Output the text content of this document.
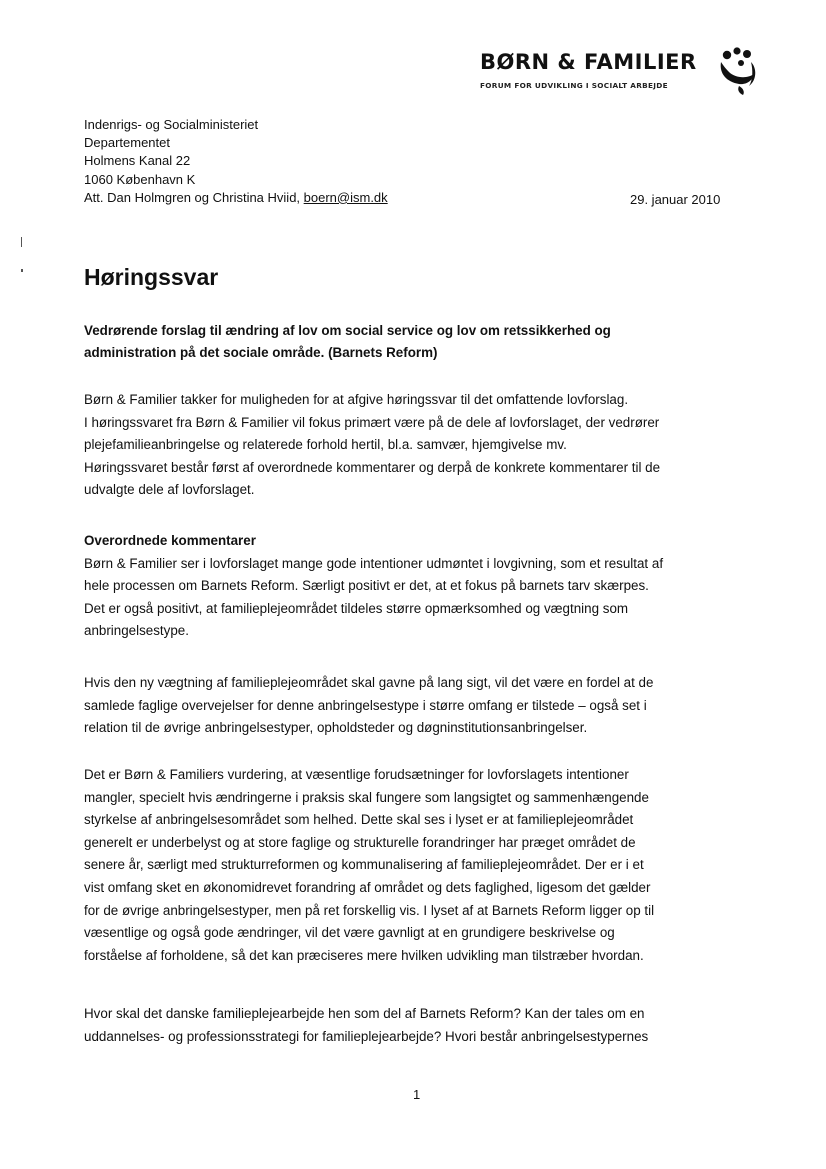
BØRN & FAMILIER
FORUM FOR UDVIKLING I SOCIALT ARBEJDE
Indenrigs- og Socialministeriet
Departementet
Holmens Kanal 22
1060 København K
Att. Dan Holmgren og Christina Hviid, boern@ism.dk	29. januar 2010
Høringssvar
Vedrørende forslag til ændring af lov om social service og lov om retssikkerhed og
administration på det sociale område. (Barnets Reform)
Børn & Familier takker for muligheden for at afgive høringssvar til det omfattende lovforslag.
I høringssvaret fra Børn & Familier vil fokus primært være på de dele af lovforslaget, der vedrører
plejefamilieanbringelse og relaterede forhold hertil, bl.a. samvær, hjemgivelse mv.
Høringssvaret består først af overordnede kommentarer og derpå de konkrete kommentarer til de
udvalgte dele af lovforslaget.
Overordnede kommentarer
Børn & Familier ser i lovforslaget mange gode intentioner udmøntet i lovgivning, som et resultat af
hele processen om Barnets Reform. Særligt positivt er det, at et fokus på barnets tarv skærpes.
Det er også positivt, at familieplejeområdet tildeles større opmærksomhed og vægtning som
anbringelsestype.
Hvis den ny vægtning af familieplejeområdet skal gavne på lang sigt, vil det være en fordel at de
samlede faglige overvejelser for denne anbringelsestype i større omfang er tilstede – også set i
relation til de øvrige anbringelsestyper, opholdsteder og døgninstitutionsanbringelser.
Det er Børn & Familiers vurdering, at væsentlige forudsætninger for lovforslagets intentioner
mangler, specielt hvis ændringerne i praksis skal fungere som langsigtet og sammenhængende
styrkelse af anbringelsesområdet som helhed. Dette skal ses i lyset er at familieplejeområdet
generelt er underbelyst og at store faglige og strukturelle forandringer har præget området de
senere år, særligt med strukturreformen og kommunalisering af familieplejeområdet. Der er i et
vist omfang sket en økonomidrevet forandring af området og dets faglighed, ligesom det gælder
for de øvrige anbringelsestyper, men på ret forskellig vis. I lyset af at Barnets Reform ligger op til
væsentlige og også gode ændringer, vil det være gavnligt at en grundigere beskrivelse og
forståelse af forholdene, så det kan præciseres mere hvilken udvikling man tilstræber hvordan.
Hvor skal det danske familieplejearbejde hen som del af Barnets Reform? Kan der tales om en
uddannelses- og professionsstrategi for familieplejearbejde? Hvori består anbringelsestypernes
1
